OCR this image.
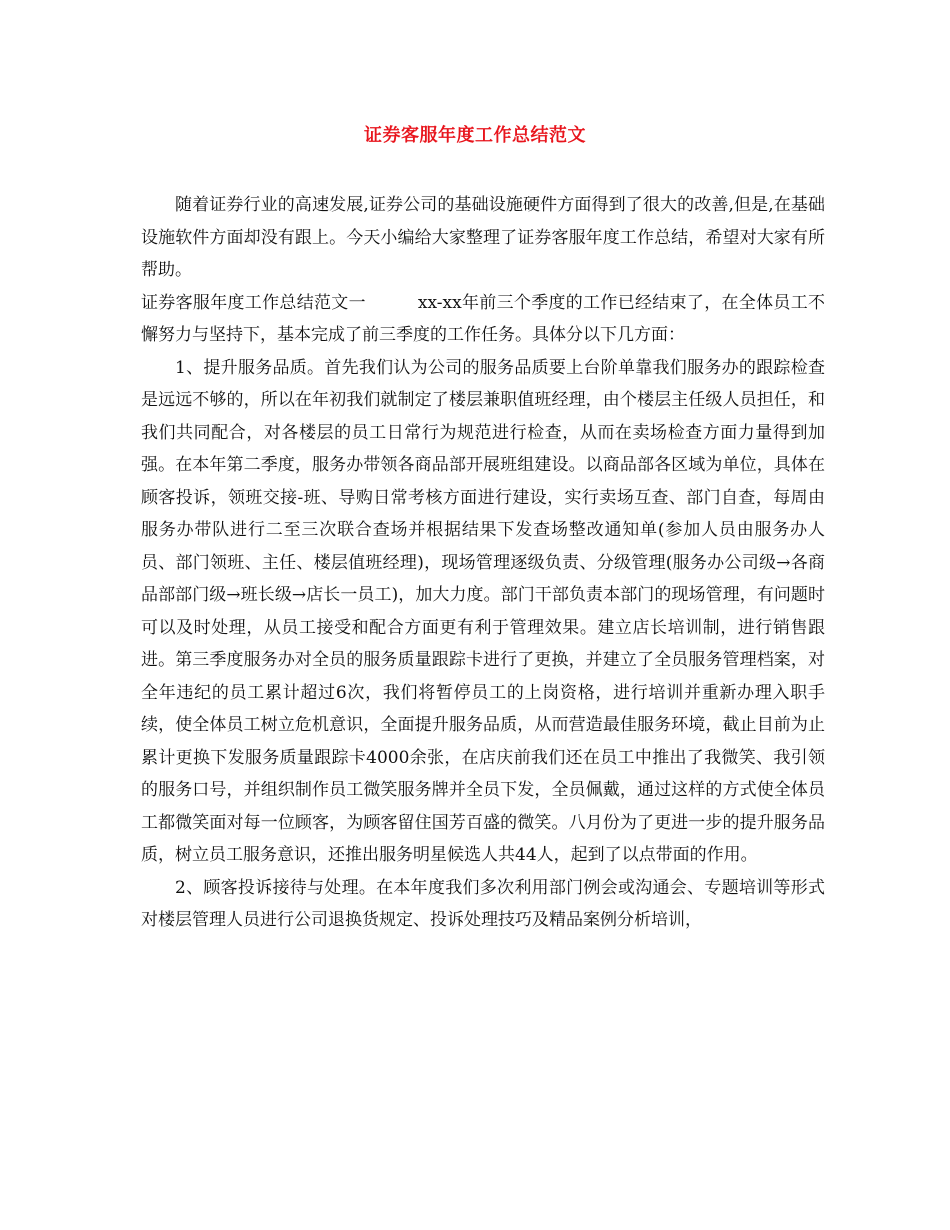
证券客服年度工作总结范文

随着证券行业的高速发展,证券公司的基础设施硬件方面得到了很大的改善,但是,在基础设施软件方面却没有跟上。今天小编给大家整理了证券客服年度工作总结，希望对大家有所帮助。

证券客服年度工作总结范文一	xx-xx年前三个季度的工作已经结束了，在全体员工不懈努力与坚持下，基本完成了前三季度的工作任务。具体分以下几方面：

1、提升服务品质。首先我们认为公司的服务品质要上台阶单靠我们服务办的跟踪检查是远远不够的，所以在年初我们就制定了楼层兼职值班经理，由个楼层主任级人员担任，和我们共同配合，对各楼层的员工日常行为规范进行检查，从而在卖场检查方面力量得到加强。在本年第二季度，服务办带领各商品部开展班组建设。以商品部各区域为单位，具体在顾客投诉，领班交接-班、导购日常考核方面进行建设，实行卖场互查、部门自查，每周由服务办带队进行二至三次联合查场并根据结果下发查场整改通知单(参加人员由服务办人员、部门领班、主任、楼层值班经理)，现场管理逐级负责、分级管理(服务办公司级→各商品部部门级→班长级→店长一员工)，加大力度。部门干部负责本部门的现场管理，有问题时可以及时处理，从员工接受和配合方面更有利于管理效果。建立店长培训制，进行销售跟进。第三季度服务办对全员的服务质量跟踪卡进行了更换，并建立了全员服务管理档案，对全年违纪的员工累计超过6次，我们将暂停员工的上岗资格，进行培训并重新办理入职手续，使全体员工树立危机意识，全面提升服务品质，从而营造最佳服务环境，截止目前为止累计更换下发服务质量跟踪卡4000余张，在店庆前我们还在员工中推出了我微笑、我引领的服务口号，并组织制作员工微笑服务牌并全员下发，全员佩戴，通过这样的方式使全体员工都微笑面对每一位顾客，为顾客留住国芳百盛的微笑。八月份为了更进一步的提升服务品质，树立员工服务意识，还推出服务明星候选人共44人，起到了以点带面的作用。

2、顾客投诉接待与处理。在本年度我们多次利用部门例会或沟通会、专题培训等形式对楼层管理人员进行公司退换货规定、投诉处理技巧及精品案例分析培训，
